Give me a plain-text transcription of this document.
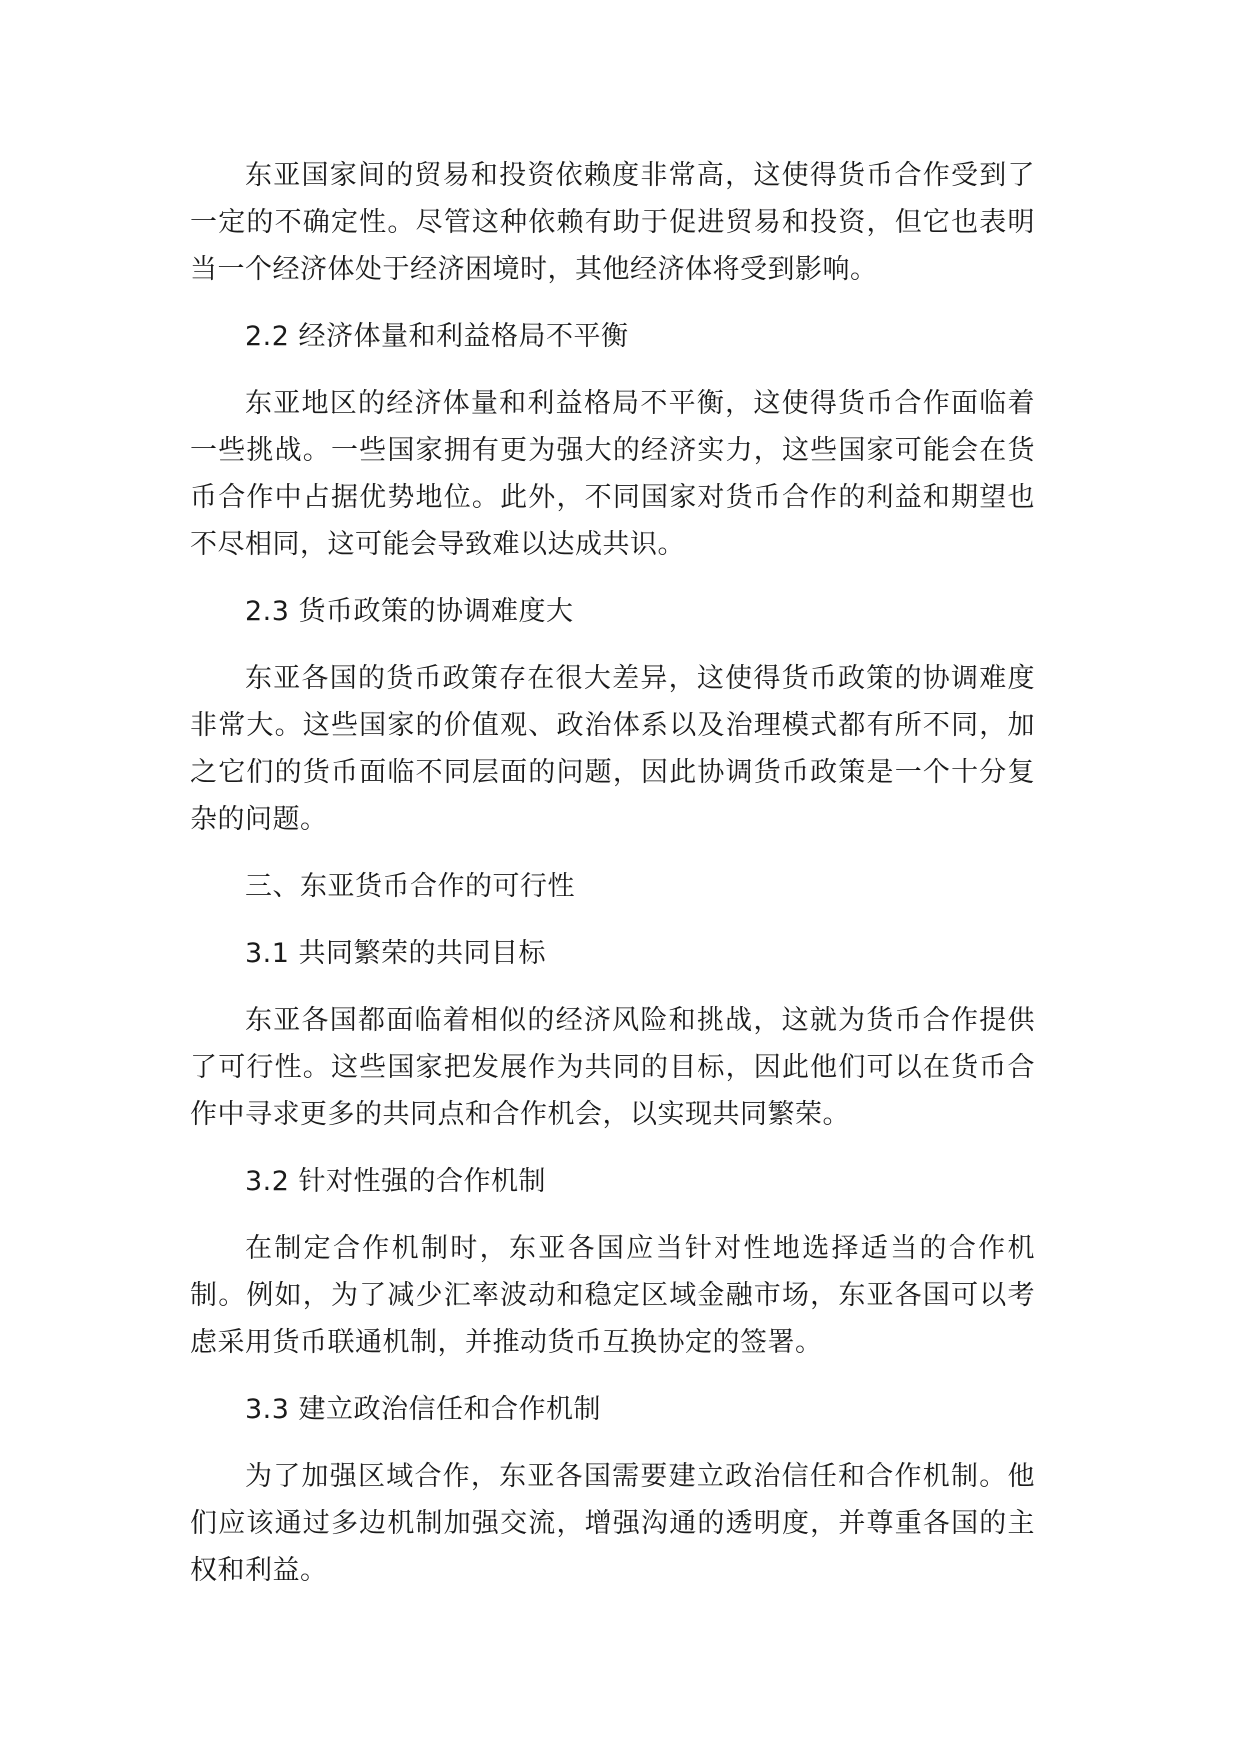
东亚国家间的贸易和投资依赖度非常高，这使得货币合作受到了一定的不确定性。尽管这种依赖有助于促进贸易和投资，但它也表明当一个经济体处于经济困境时，其他经济体将受到影响。

2.2 经济体量和利益格局不平衡

东亚地区的经济体量和利益格局不平衡，这使得货币合作面临着一些挑战。一些国家拥有更为强大的经济实力，这些国家可能会在货币合作中占据优势地位。此外，不同国家对货币合作的利益和期望也不尽相同，这可能会导致难以达成共识。

2.3 货币政策的协调难度大

东亚各国的货币政策存在很大差异，这使得货币政策的协调难度非常大。这些国家的价值观、政治体系以及治理模式都有所不同，加之它们的货币面临不同层面的问题，因此协调货币政策是一个十分复杂的问题。

三、东亚货币合作的可行性

3.1 共同繁荣的共同目标

东亚各国都面临着相似的经济风险和挑战，这就为货币合作提供了可行性。这些国家把发展作为共同的目标，因此他们可以在货币合作中寻求更多的共同点和合作机会，以实现共同繁荣。

3.2 针对性强的合作机制

在制定合作机制时，东亚各国应当针对性地选择适当的合作机制。例如，为了减少汇率波动和稳定区域金融市场，东亚各国可以考虑采用货币联通机制，并推动货币互换协定的签署。

3.3 建立政治信任和合作机制

为了加强区域合作，东亚各国需要建立政治信任和合作机制。他们应该通过多边机制加强交流，增强沟通的透明度，并尊重各国的主权和利益。
